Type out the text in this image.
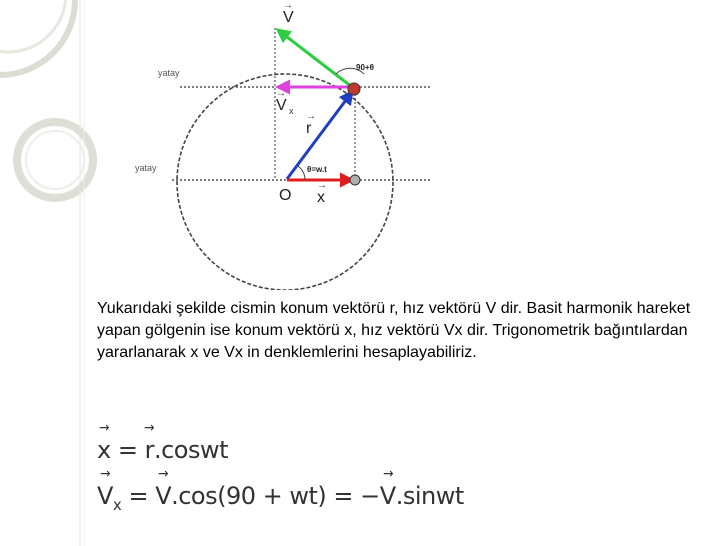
V
→
V x
→
r
→
O x
→
yatay
yatay
90+θ
θ=w.t

Yukarıdaki şekilde cismin konum vektörü r, hız vektörü V dir. Basit harmonik hareket yapan gölgenin ise konum vektörü x, hız vektörü Vx dir. Trigonometrik bağıntılardan yararlanarak x ve Vx in denklemlerini hesaplayabiliriz.

→ x = → r.coswt
→ $V_x$ = → V.cos(90 + wt) = −→ V.sinwt
